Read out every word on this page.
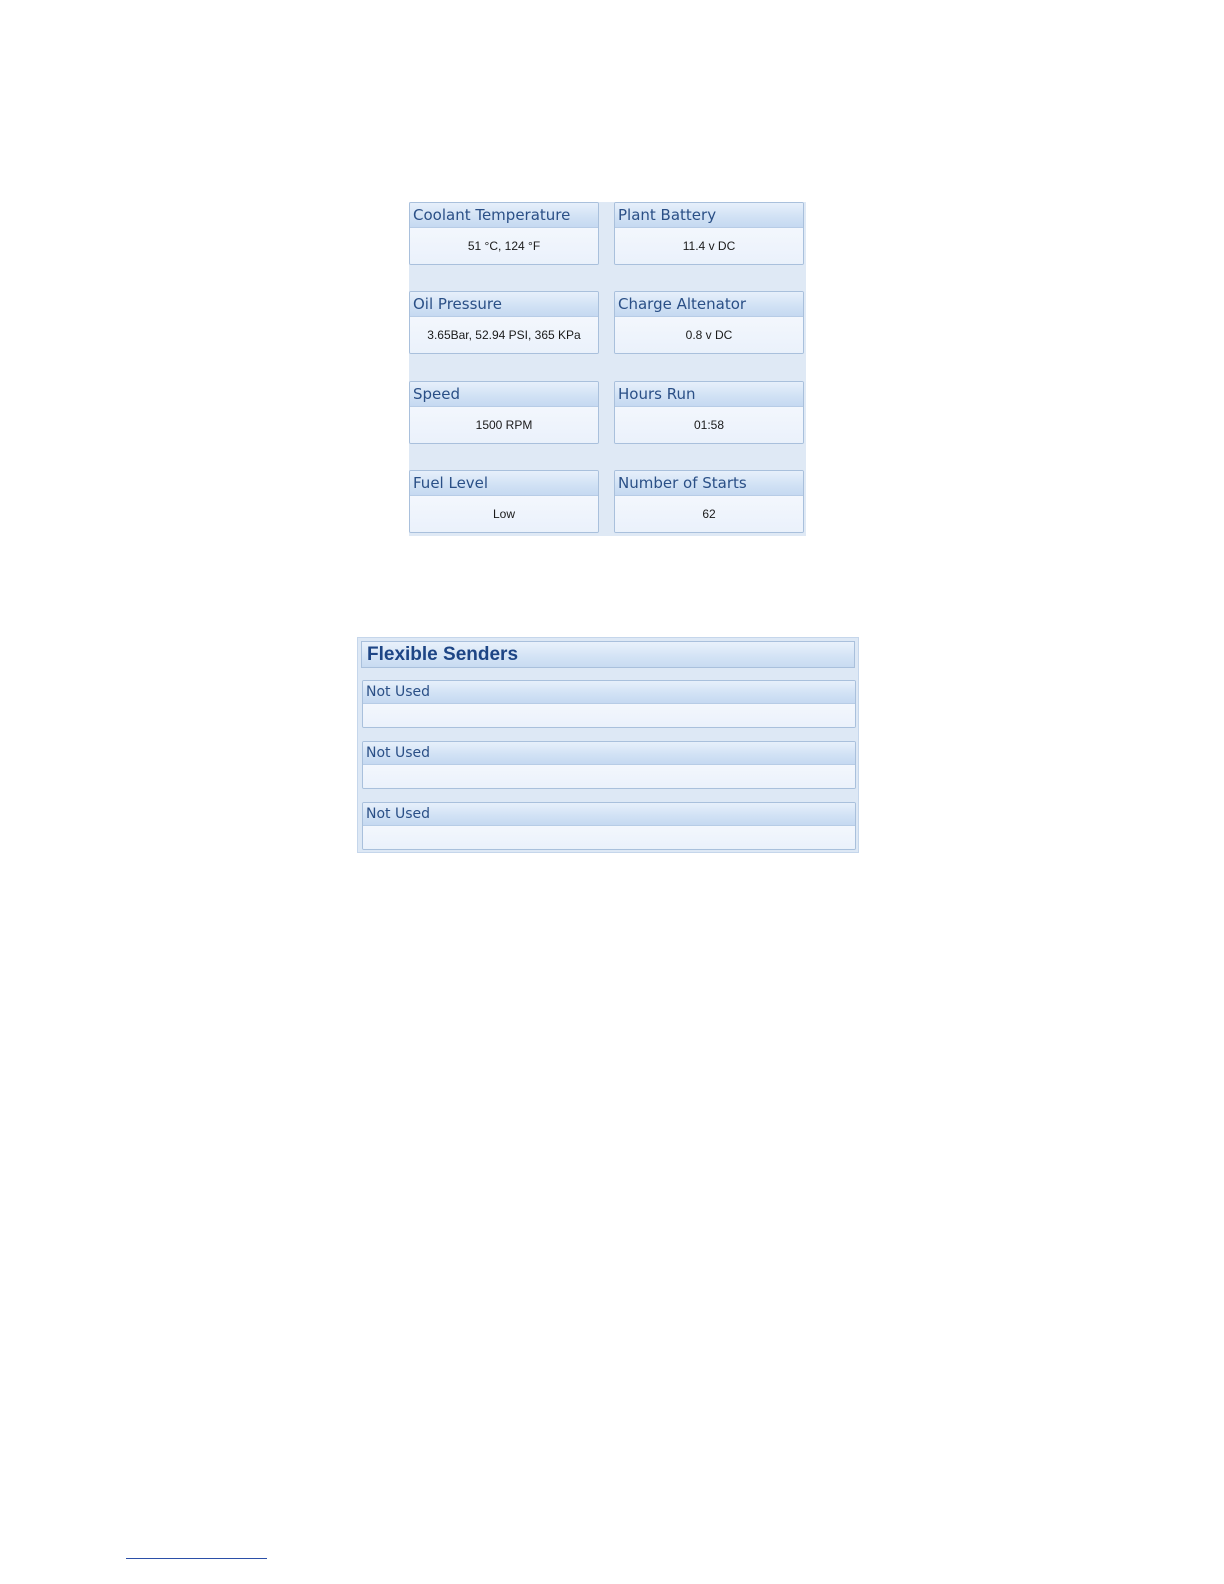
Coolant Temperature
51 °C, 124 °F
Plant Battery
11.4 v DC
Oil Pressure
3.65Bar, 52.94 PSI, 365 KPa
Charge Altenator
0.8 v DC
Speed
1500 RPM
Hours Run
01:58
Fuel Level
Low
Number of Starts
62
Flexible Senders
Not Used
Not Used
Not Used
